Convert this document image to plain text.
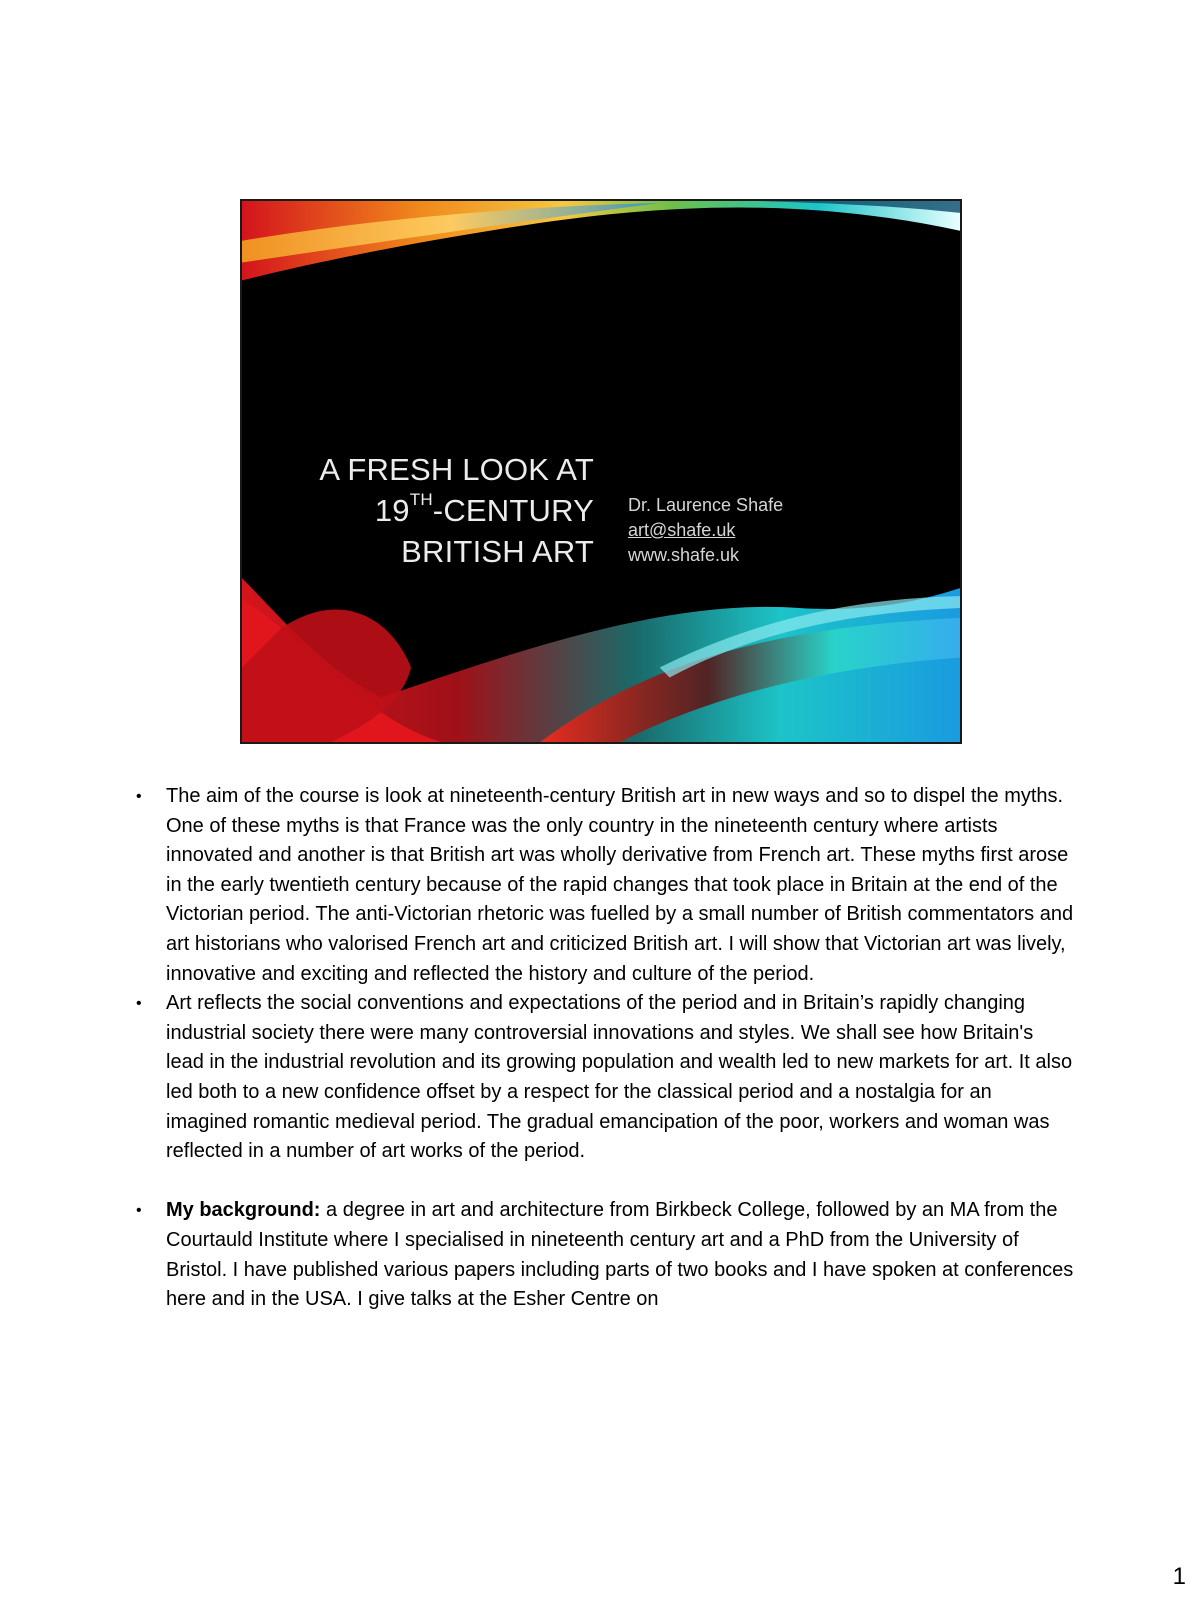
A FRESH LOOK AT
19TH-CENTURY
BRITISH ART
Dr. Laurence Shafe
art@shafe.uk
www.shafe.uk
• The aim of the course is look at nineteenth-century British art in new ways and so to dispel the myths. One of these myths is that France was the only country in the nineteenth century where artists innovated and another is that British art was wholly derivative from French art. These myths first arose in the early twentieth century because of the rapid changes that took place in Britain at the end of the Victorian period. The anti-Victorian rhetoric was fuelled by a small number of British commentators and art historians who valorised French art and criticized British art. I will show that Victorian art was lively, innovative and exciting and reflected the history and culture of the period.
• Art reflects the social conventions and expectations of the period and in Britain’s rapidly changing industrial society there were many controversial innovations and styles. We shall see how Britain's lead in the industrial revolution and its growing population and wealth led to new markets for art. It also led both to a new confidence offset by a respect for the classical period and a nostalgia for an imagined romantic medieval period. The gradual emancipation of the poor, workers and woman was reflected in a number of art works of the period.
• My background: a degree in art and architecture from Birkbeck College, followed by an MA from the Courtauld Institute where I specialised in nineteenth century art and a PhD from the University of Bristol. I have published various papers including parts of two books and I have spoken at conferences here and in the USA. I give talks at the Esher Centre on
1
